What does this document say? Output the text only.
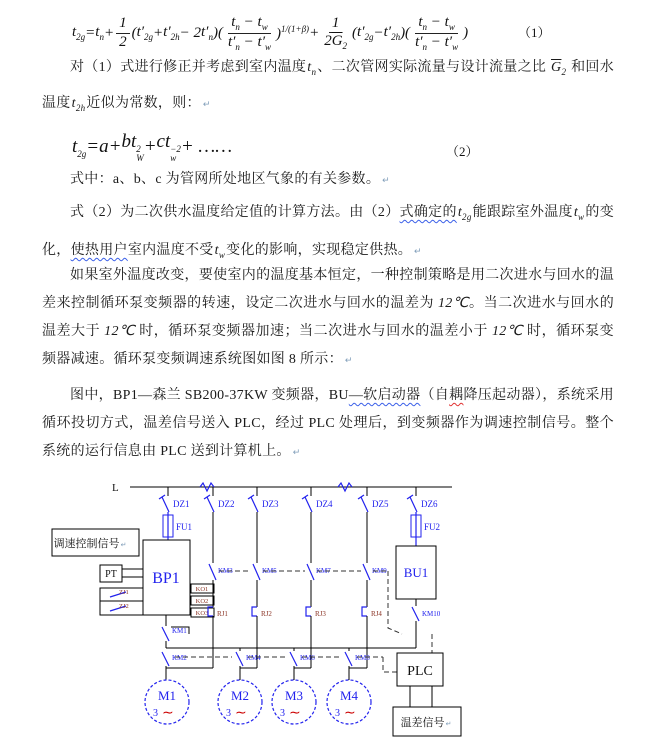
$t_{2g} = t_n + \frac{1}{2}$ ( $t'_{2g} + t'_{2h} - 2$ $t'_n$ )( $\frac{t_n - t_w}{t'_n - t'_w} )^{1/(1+\beta)} + \frac{1}{2\overline{G}_2}$ ( $t'_{2g} - t'_{2h}$ )( $\frac{t_n - t_w}{t'_n - t'_w}$ )	（1）
对（1）式进行修正并考虑到室内温度$t_n$、二次管网实际流量与设计流量之比 $\overline{G}_2$ 和回水温度$t_{2h}$近似为常数，则： ↵
$t_{2g} = a$ + bt 2
W
+ ct −2
w
+ ……	（2）
式中：a、b、c 为管网所处地区气象的有关参数。 ↵
式（2）为二次供水温度给定值的计算方法。由（2）式确定的$t_{2g}$能跟踪室外温度$t_w$的变化，使热用户室内温度不受$t_w$变化的影响，实现稳定供热。 ↵
如果室外温度改变，要使室内的温度基本恒定，一种控制策略是用二次进水与回水的温差来控制循环泵变频器的转速，设定二次进水与回水的温差为 12℃。当二次进水与回水的温差大于 12℃ 时，循环泵变频器加速；当二次进水与回水的温差小于 12℃ 时，循环泵变频器减速。循环泵变频调速系统图如图 8 所示： ↵
图中，BP1—森兰 SB200-37KW 变频器，BU—软启动器（自耦降压起动器），系统采用循环投切方式，温差信号送入 PLC，经过 PLC 处理后，到变频器作为调速控制信号。整个系统的运行信息由 PLC 送到计算机上。 ↵
L
DZ1	DZ2	DZ3	DZ4	DZ5	DZ6
FU1	FU2
调速控制信号↵
BP1
PT
ZJ1
ZJ2
KO1
KO2
KO3
KM1
KM3
RJ1
KM5
RJ2
KM7
RJ3
KM9
RJ4
KM2	KM4	KM6	KM8
BU1
KM10
PLC
温差信号↵
M1
3 ∼
M2
3 ∼
M3
3 ∼
M4
3 ∼
